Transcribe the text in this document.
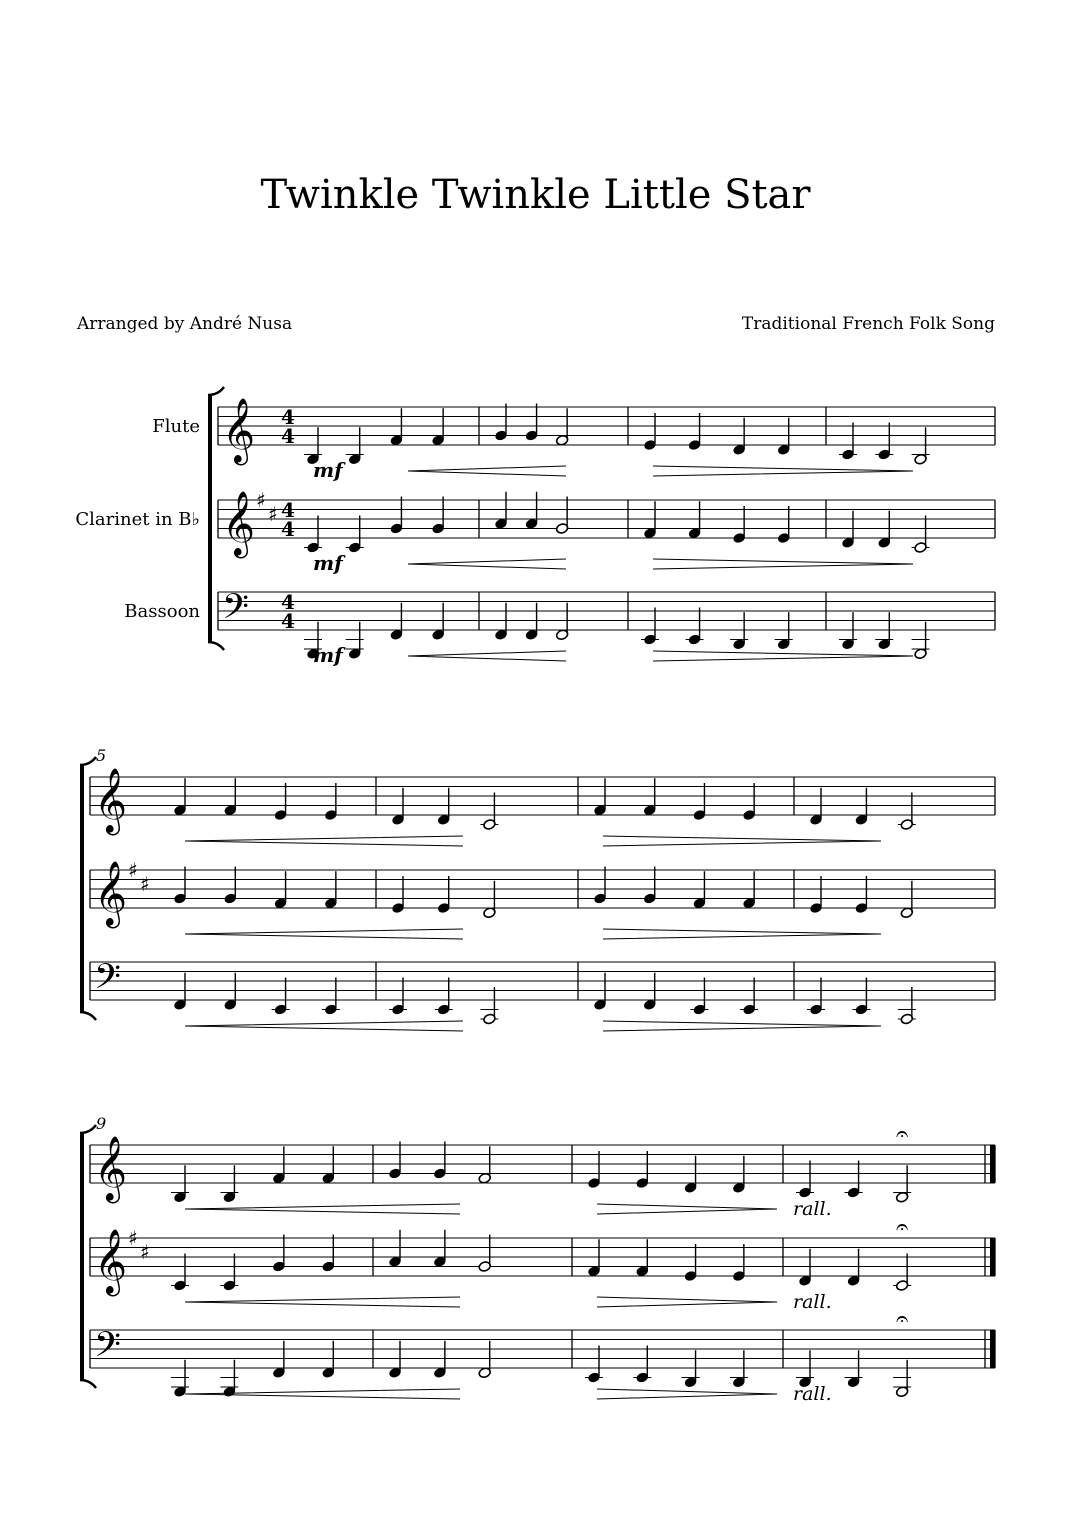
Twinkle Twinkle Little Star
Arranged by André Nusa	Traditional French Folk Song
𝄞 4
4
𝄞 ♯
♯ 4
4
𝄢 4
4
mf
mf
mf
Flute
Clarinet in B♭
Bassoon
𝄞
𝄞 ♯
♯
𝄢
5
𝄞
𝄞 ♯
♯
𝄢
9	𝄐
rall.
𝄐
rall.
𝄐
rall.
